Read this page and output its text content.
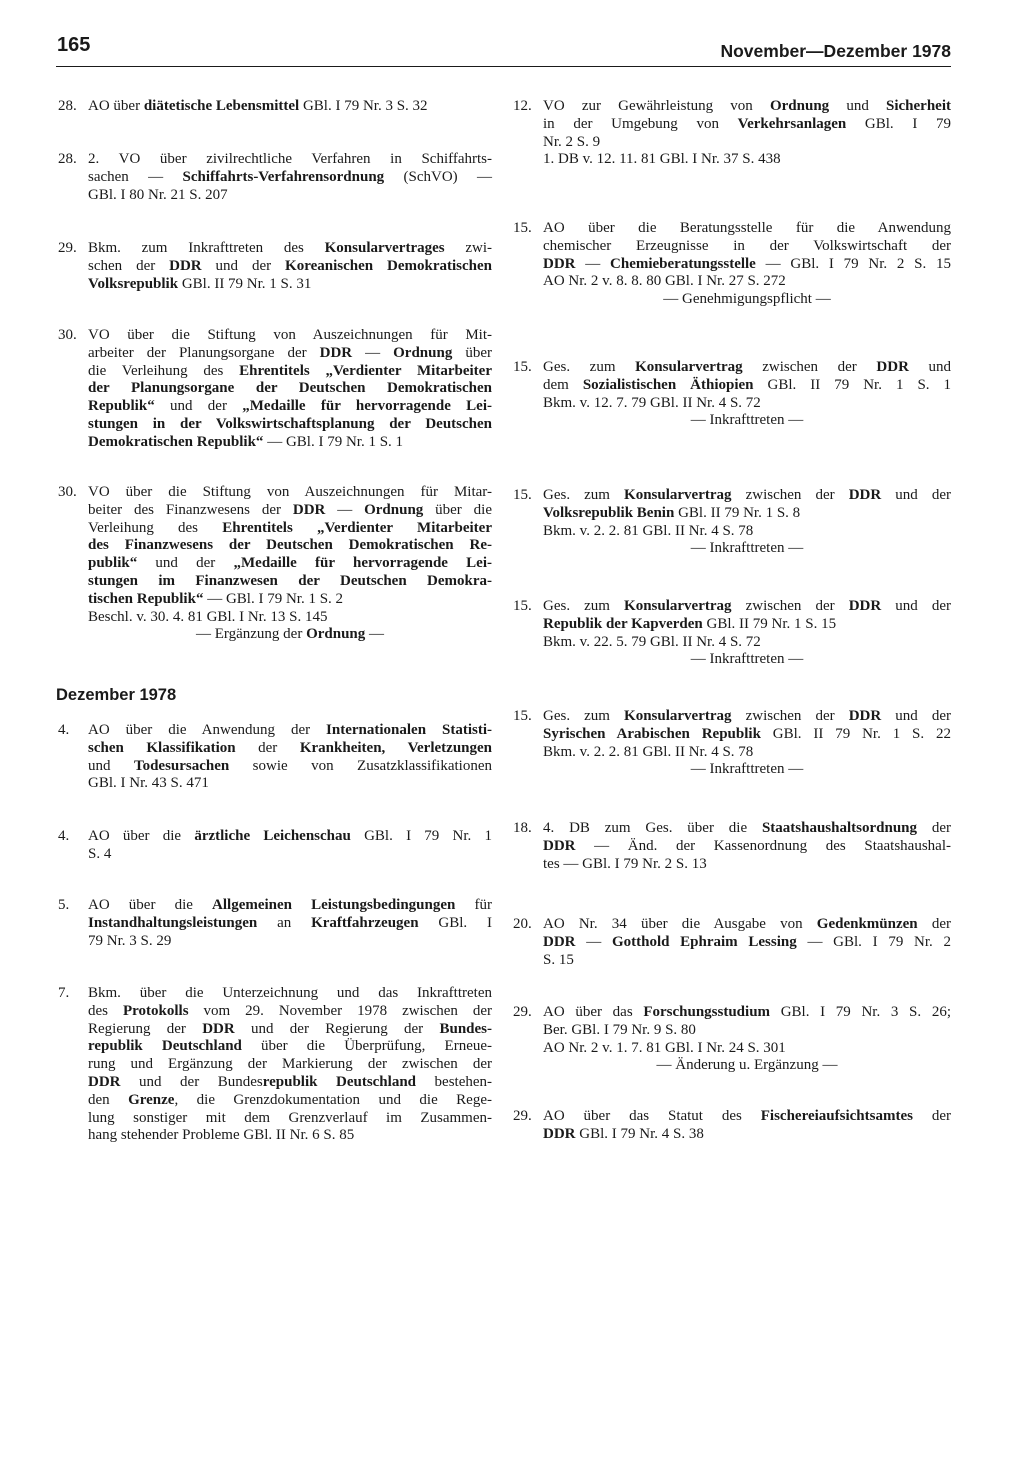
165	November—Dezember 1978
28. AO über diätetische Lebensmittel GBl. I 79 Nr. 3 S. 32
28. 2. VO über zivilrechtliche Verfahren in Schiffahrts-
sachen — Schiffahrts-Verfahrensordnung (SchVO) —
GBl. I 80 Nr. 21 S. 207
29. Bkm. zum Inkrafttreten des Konsularvertrages zwi-
schen der DDR und der Koreanischen Demokratischen
Volksrepublik GBl. II 79 Nr. 1 S. 31
30. VO über die Stiftung von Auszeichnungen für Mit-
arbeiter der Planungsorgane der DDR — Ordnung über
die Verleihung des Ehrentitels „Verdienter Mitarbeiter
der Planungsorgane der Deutschen Demokratischen
Republik“ und der „Medaille für hervorragende Lei-
stungen in der Volkswirtschaftsplanung der Deutschen
Demokratischen Republik“ — GBl. I 79 Nr. 1 S. 1
30. VO über die Stiftung von Auszeichnungen für Mitar-
beiter des Finanzwesens der DDR — Ordnung über die
Verleihung des Ehrentitels „Verdienter Mitarbeiter
des Finanzwesens der Deutschen Demokratischen Re-
publik“ und der „Medaille für hervorragende Lei-
stungen im Finanzwesen der Deutschen Demokra-
tischen Republik“ — GBl. I 79 Nr. 1 S. 2
Beschl. v. 30. 4. 81 GBl. I Nr. 13 S. 145
— Ergänzung der Ordnung —
Dezember 1978
4.	AO über die Anwendung der Internationalen Statisti-
schen Klassifikation der Krankheiten, Verletzungen
und Todesursachen sowie von Zusatzklassifikationen
GBl. I Nr. 43 S. 471
4.	AO über die ärztliche Leichenschau GBl. I 79 Nr. 1
S. 4
5.	AO über die Allgemeinen Leistungsbedingungen für
Instandhaltungsleistungen an Kraftfahrzeugen GBl. I
79 Nr. 3 S. 29
7.	Bkm. über die Unterzeichnung und das Inkrafttreten
des Protokolls vom 29. November 1978 zwischen der
Regierung der DDR und der Regierung der Bundes-
republik Deutschland über die Überprüfung, Erneue-
rung und Ergänzung der Markierung der zwischen der
DDR und der Bundesrepublik Deutschland bestehen-
den Grenze, die Grenzdokumentation und die Rege-
lung sonstiger mit dem Grenzverlauf im Zusammen-
hang stehender Probleme GBl. II Nr. 6 S. 85
12. VO zur Gewährleistung von Ordnung und Sicherheit
in der Umgebung von Verkehrsanlagen GBl. I 79
Nr. 2 S. 9
1. DB v. 12. 11. 81 GBl. I Nr. 37 S. 438
15. AO über die Beratungsstelle für die Anwendung
chemischer Erzeugnisse in der Volkswirtschaft der
DDR — Chemieberatungsstelle — GBl. I 79 Nr. 2 S. 15
AO Nr. 2 v. 8. 8. 80 GBl. I Nr. 27 S. 272
— Genehmigungspflicht —
15. Ges. zum Konsularvertrag zwischen der DDR und
dem Sozialistischen Äthiopien GBl. II 79 Nr. 1 S. 1
Bkm. v. 12. 7. 79 GBl. II Nr. 4 S. 72
— Inkrafttreten —
15. Ges. zum Konsularvertrag zwischen der DDR und der
Volksrepublik Benin GBl. II 79 Nr. 1 S. 8
Bkm. v. 2. 2. 81 GBl. II Nr. 4 S. 78
— Inkrafttreten —
15. Ges. zum Konsularvertrag zwischen der DDR und der
Republik der Kapverden GBl. II 79 Nr. 1 S. 15
Bkm. v. 22. 5. 79 GBl. II Nr. 4 S. 72
— Inkrafttreten —
15. Ges. zum Konsularvertrag zwischen der DDR und der
Syrischen Arabischen Republik GBl. II 79 Nr. 1 S. 22
Bkm. v. 2. 2. 81 GBl. II Nr. 4 S. 78
— Inkrafttreten —
18. 4. DB zum Ges. über die Staatshaushaltsordnung der
DDR — Änd. der Kassenordnung des Staatshaushal-
tes — GBl. I 79 Nr. 2 S. 13
20. AO Nr. 34 über die Ausgabe von Gedenkmünzen der
DDR — Gotthold Ephraim Lessing — GBl. I 79 Nr. 2
S. 15
29. AO über das Forschungsstudium GBl. I 79 Nr. 3 S. 26;
Ber. GBl. I 79 Nr. 9 S. 80
AO Nr. 2 v. 1. 7. 81 GBl. I Nr. 24 S. 301
— Änderung u. Ergänzung —
29. AO über das Statut des Fischereiaufsichtsamtes der
DDR GBl. I 79 Nr. 4 S. 38
